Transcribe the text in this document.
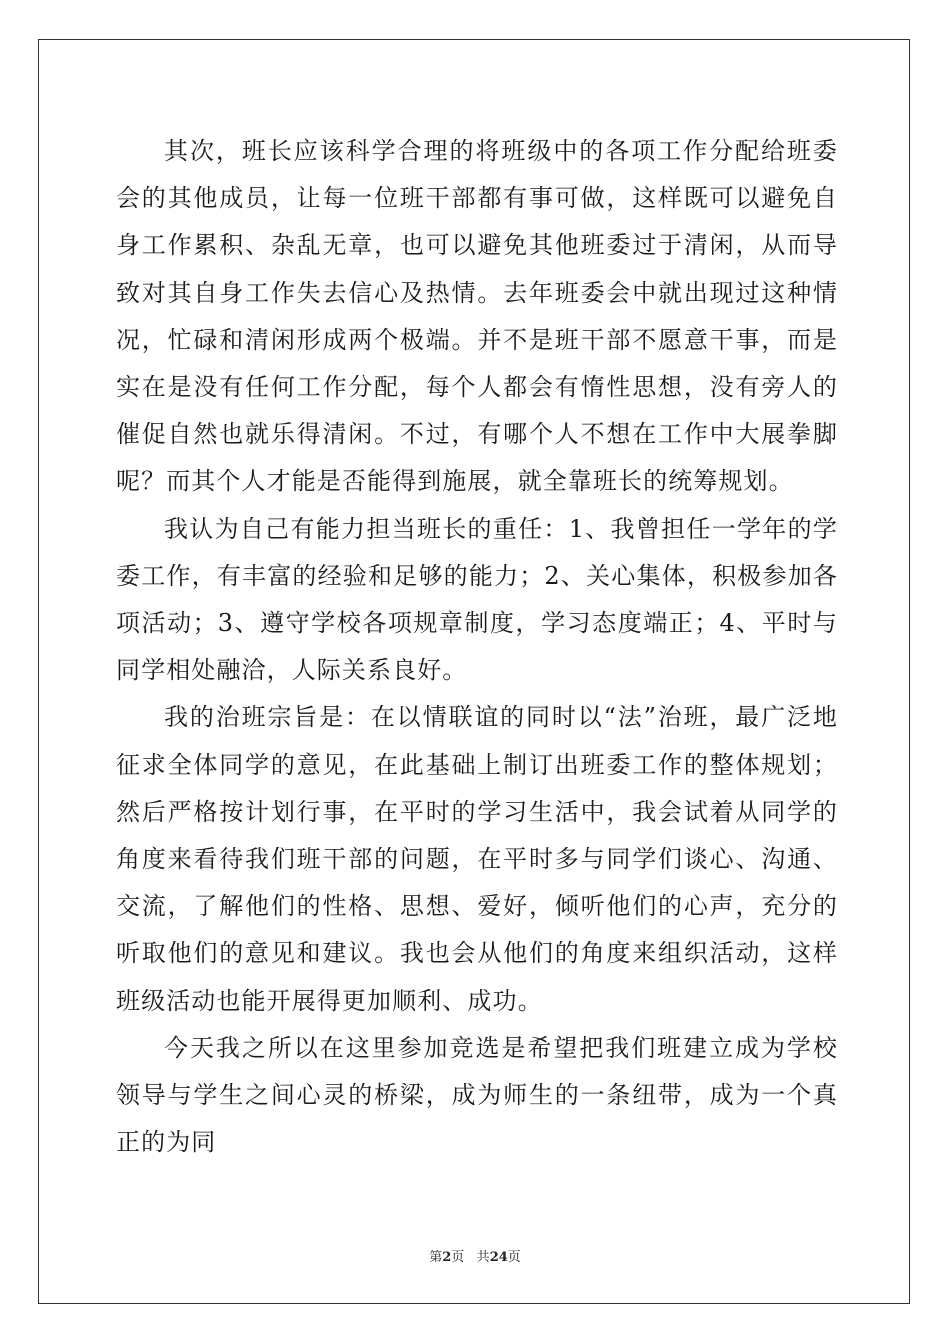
其次，班长应该科学合理的将班级中的各项工作分配给班委会的其他成员，让每一位班干部都有事可做，这样既可以避免自身工作累积、杂乱无章，也可以避免其他班委过于清闲，从而导致对其自身工作失去信心及热情。去年班委会中就出现过这种情况，忙碌和清闲形成两个极端。并不是班干部不愿意干事，而是实在是没有任何工作分配，每个人都会有惰性思想，没有旁人的催促自然也就乐得清闲。不过，有哪个人不想在工作中大展拳脚呢？而其个人才能是否能得到施展，就全靠班长的统筹规划。

我认为自己有能力担当班长的重任：1、我曾担任一学年的学委工作，有丰富的经验和足够的能力；2、关心集体，积极参加各项活动；3、遵守学校各项规章制度，学习态度端正；4、平时与同学相处融洽，人际关系良好。

我的治班宗旨是：在以情联谊的同时以“法”治班，最广泛地征求全体同学的意见，在此基础上制订出班委工作的整体规划；然后严格按计划行事，在平时的学习生活中，我会试着从同学的角度来看待我们班干部的问题，在平时多与同学们谈心、沟通、交流，了解他们的性格、思想、爱好，倾听他们的心声，充分的听取他们的意见和建议。我也会从他们的角度来组织活动，这样班级活动也能开展得更加顺利、成功。

今天我之所以在这里参加竞选是希望把我们班建立成为学校领导与学生之间心灵的桥梁，成为师生的一条纽带，成为一个真正的为同

第2页 共24页
